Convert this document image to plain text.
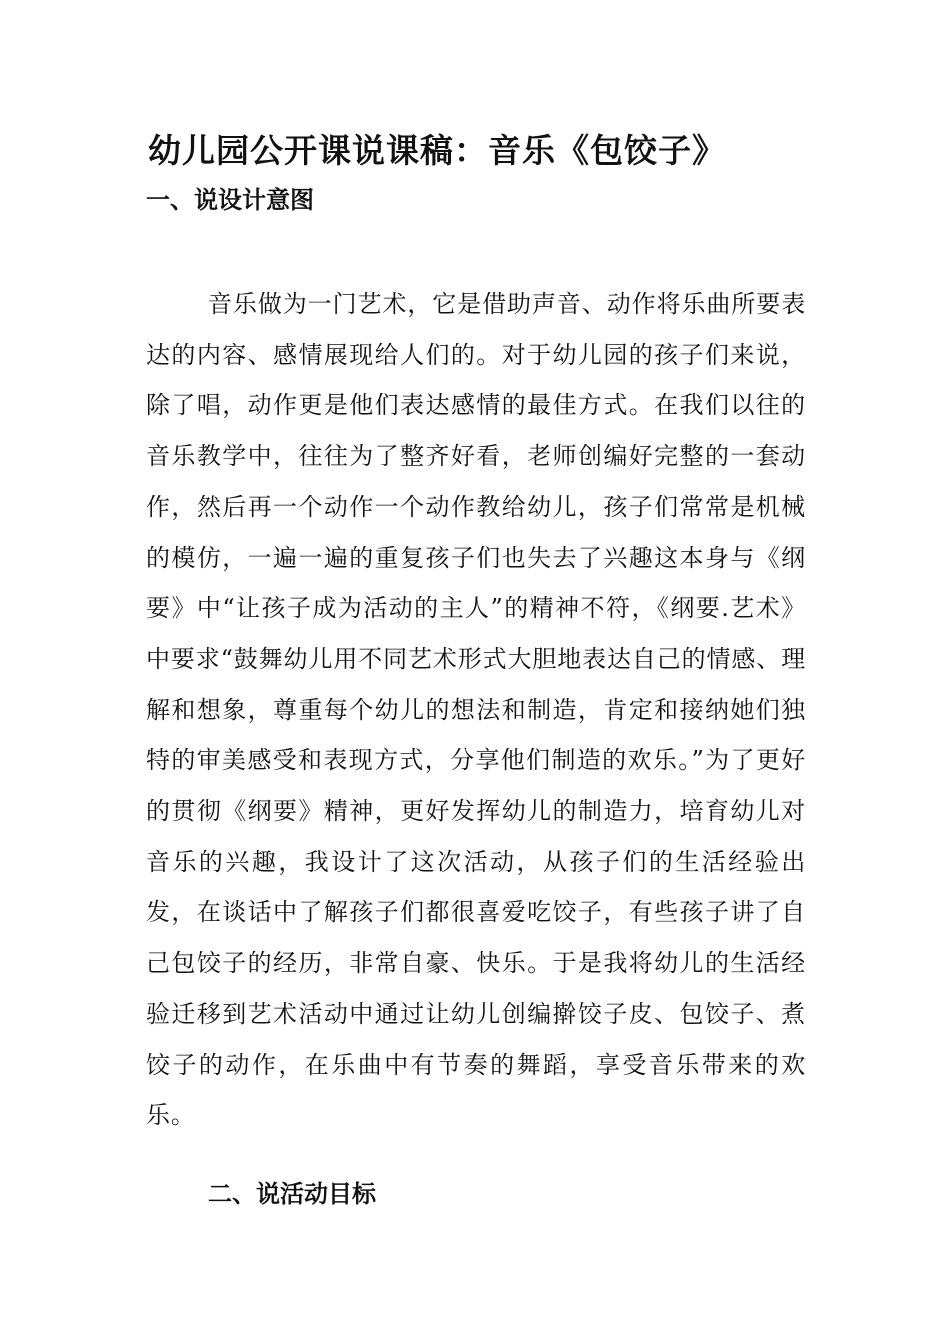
幼儿园公开课说课稿：音乐《包饺子》
一、说设计意图

音乐做为一门艺术，它是借助声音、动作将乐曲所要表达的内容、感情展现给人们的。对于幼儿园的孩子们来说，除了唱，动作更是他们表达感情的最佳方式。在我们以往的音乐教学中，往往为了整齐好看，老师创编好完整的一套动作，然后再一个动作一个动作教给幼儿，孩子们常常是机械的模仿，一遍一遍的重复孩子们也失去了兴趣这本身与《纲要》中“让孩子成为活动的主人”的精神不符，《纲要.艺术》中要求“鼓舞幼儿用不同艺术形式大胆地表达自己的情感、理解和想象，尊重每个幼儿的想法和制造，肯定和接纳她们独特的审美感受和表现方式，分享他们制造的欢乐。”为了更好的贯彻《纲要》精神，更好发挥幼儿的制造力，培育幼儿对音乐的兴趣，我设计了这次活动，从孩子们的生活经验出发，在谈话中了解孩子们都很喜爱吃饺子，有些孩子讲了自己包饺子的经历，非常自豪、快乐。于是我将幼儿的生活经验迁移到艺术活动中通过让幼儿创编擀饺子皮、包饺子、煮饺子的动作，在乐曲中有节奏的舞蹈，享受音乐带来的欢乐。

二、说活动目标
